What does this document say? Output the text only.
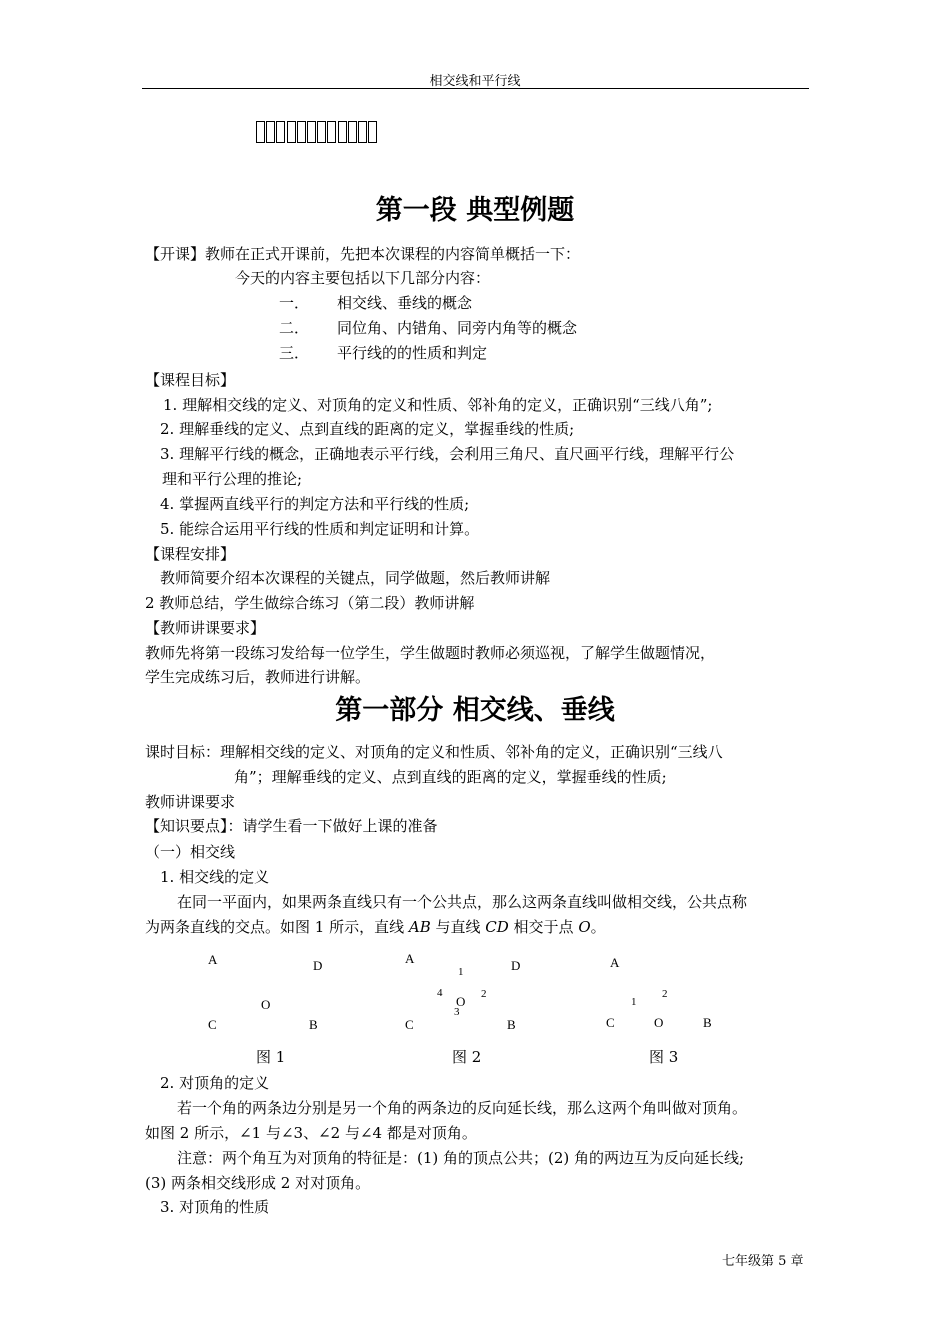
相交线和平行线
第一段 典型例题
【开课】教师在正式开课前，先把本次课程的内容简单概括一下：
今天的内容主要包括以下几部分内容：
一． 相交线、垂线的概念
二． 同位角、内错角、同旁内角等的概念
三． 平行线的的性质和判定
【课程目标】
1. 理解相交线的定义、对顶角的定义和性质、邻补角的定义，正确识别“三线八角”;
2. 理解垂线的定义、点到直线的距离的定义，掌握垂线的性质;
3. 理解平行线的概念，正确地表示平行线，会利用三角尺、直尺画平行线，理解平行公
理和平行公理的推论;
4. 掌握两直线平行的判定方法和平行线的性质;
5. 能综合运用平行线的性质和判定证明和计算。
【课程安排】
教师简要介绍本次课程的关键点，同学做题，然后教师讲解
2 教师总结，学生做综合练习（第二段）教师讲解
【教师讲课要求】
教师先将第一段练习发给每一位学生，学生做题时教师必须巡视，了解学生做题情况，
学生完成练习后，教师进行讲解。
第一部分 相交线、垂线
课时目标：理解相交线的定义、对顶角的定义和性质、邻补角的定义，正确识别“三线八
角”；理解垂线的定义、点到直线的距离的定义，掌握垂线的性质;
教师讲课要求
【知识要点】：请学生看一下做好上课的准备
（一）相交线
1. 相交线的定义
在同一平面内，如果两条直线只有一个公共点，那么这两条直线叫做相交线，公共点称
为两条直线的交点。如图 1 所示，直线 AB 与直线 CD 相交于点 O。
A	D
O
C	B
图 1
A	D
1
4
O 2
3
C	B
图 2
A
2
1
C	O	B
图 3
2. 对顶角的定义
若一个角的两条边分别是另一个角的两条边的反向延长线，那么这两个角叫做对顶角。
如图 2 所示，∠1 与∠3、∠2 与∠4 都是对顶角。
注意：两个角互为对顶角的特征是：(1) 角的顶点公共；(2) 角的两边互为反向延长线;
(3) 两条相交线形成 2 对对顶角。
3. 对顶角的性质
七年级第 5 章
